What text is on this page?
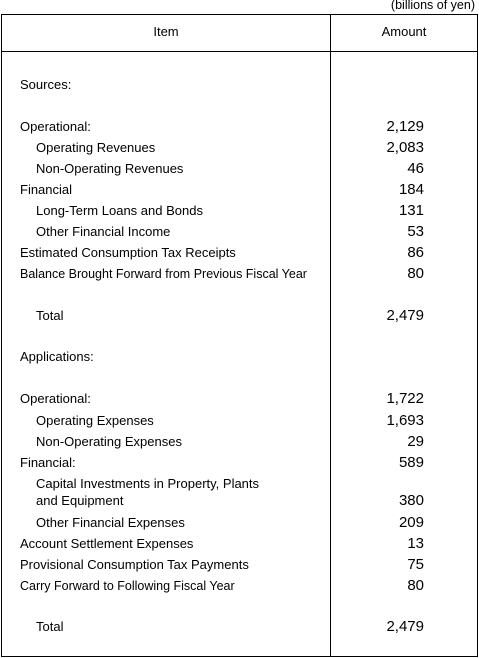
(billions of yen)
Item	Amount
Sources:
Operational:	2,129
Operating Revenues	2,083
Non-Operating Revenues	46
Financial	184
Long-Term Loans and Bonds	131
Other Financial Income	53
Estimated Consumption Tax Receipts	86
Balance Brought Forward from Previous Fiscal Year	80
Total	2,479
Applications:
Operational:	1,722
Operating Expenses	1,693
Non-Operating Expenses	29
Financial:	589
Capital Investments in Property, Plants
and Equipment	380
Other Financial Expenses	209
Account Settlement Expenses	13
Provisional Consumption Tax Payments	75
Carry Forward to Following Fiscal Year	80
Total	2,479
